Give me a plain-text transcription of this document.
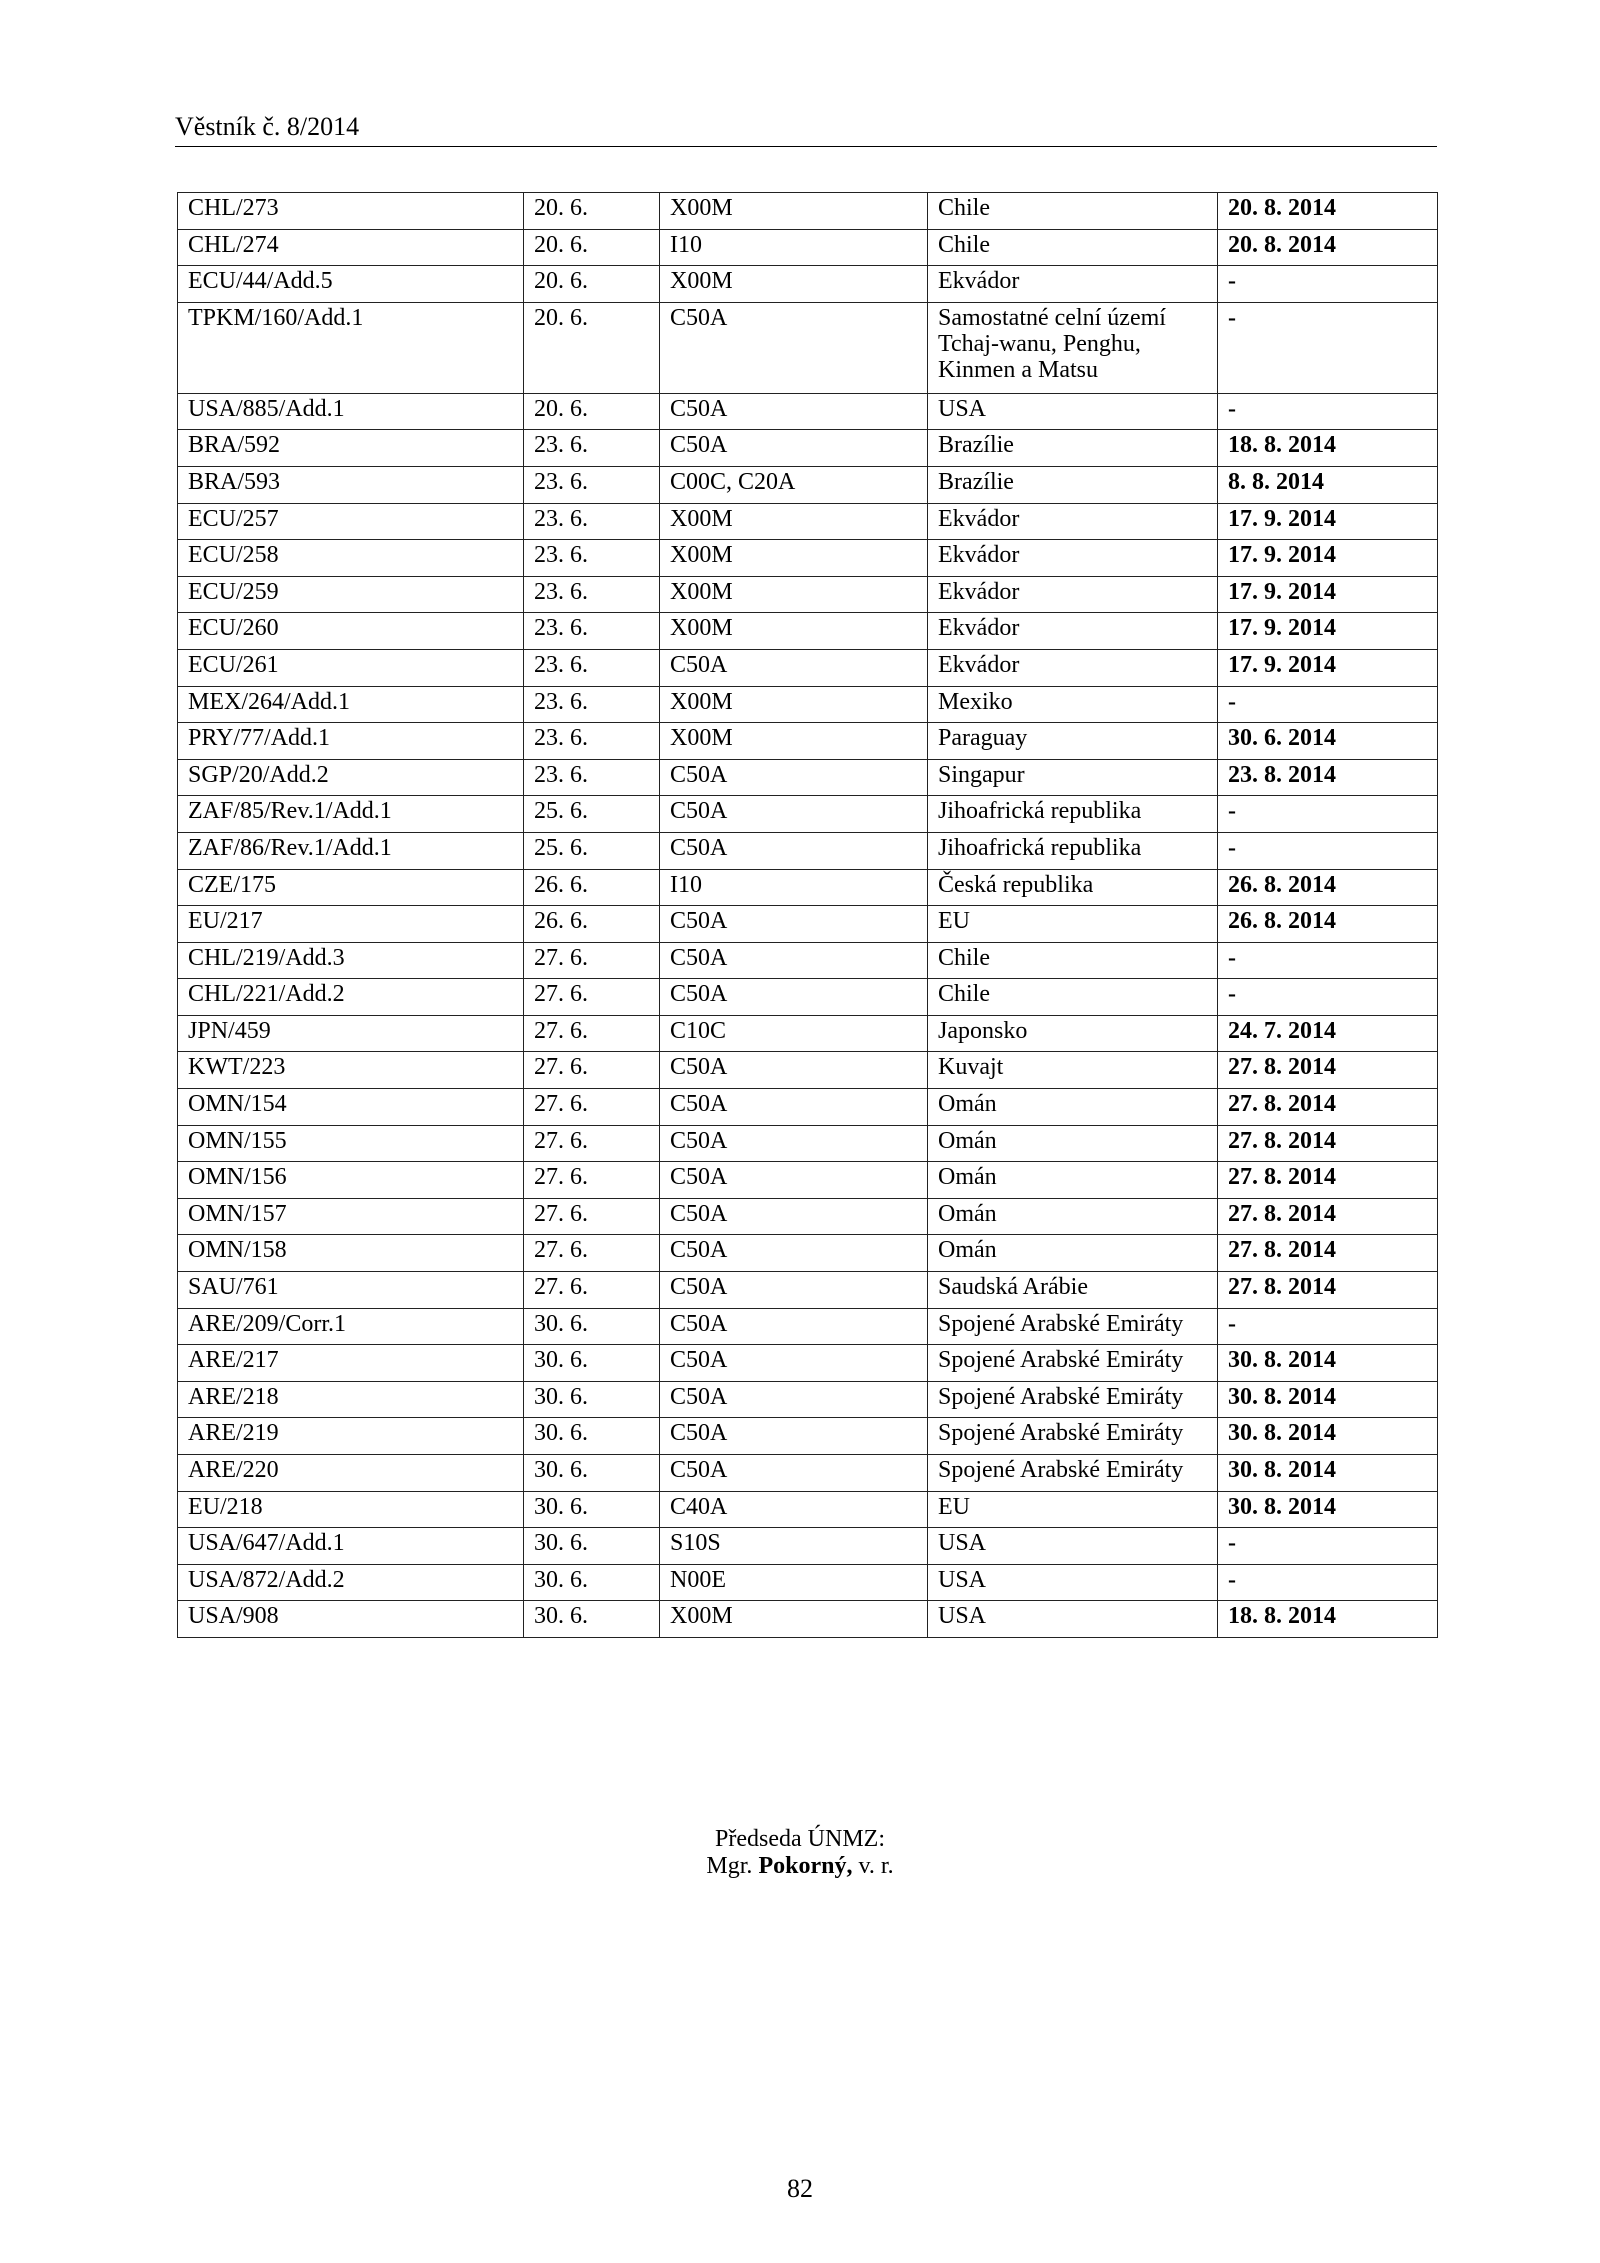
Věstník č. 8/2014
CHL/273	20. 6.	X00M	Chile	20. 8. 2014
CHL/274	20. 6.	I10	Chile	20. 8. 2014
ECU/44/Add.5	20. 6.	X00M	Ekvádor	-
TPKM/160/Add.1	20. 6.	C50A	Samostatné celní území Tchaj-wanu, Penghu, Kinmen a Matsu	-
USA/885/Add.1	20. 6.	C50A	USA	-
BRA/592	23. 6.	C50A	Brazílie	18. 8. 2014
BRA/593	23. 6.	C00C, C20A	Brazílie	8. 8. 2014
ECU/257	23. 6.	X00M	Ekvádor	17. 9. 2014
ECU/258	23. 6.	X00M	Ekvádor	17. 9. 2014
ECU/259	23. 6.	X00M	Ekvádor	17. 9. 2014
ECU/260	23. 6.	X00M	Ekvádor	17. 9. 2014
ECU/261	23. 6.	C50A	Ekvádor	17. 9. 2014
MEX/264/Add.1	23. 6.	X00M	Mexiko	-
PRY/77/Add.1	23. 6.	X00M	Paraguay	30. 6. 2014
SGP/20/Add.2	23. 6.	C50A	Singapur	23. 8. 2014
ZAF/85/Rev.1/Add.1	25. 6.	C50A	Jihoafrická republika	-
ZAF/86/Rev.1/Add.1	25. 6.	C50A	Jihoafrická republika	-
CZE/175	26. 6.	I10	Česká republika	26. 8. 2014
EU/217	26. 6.	C50A	EU	26. 8. 2014
CHL/219/Add.3	27. 6.	C50A	Chile	-
CHL/221/Add.2	27. 6.	C50A	Chile	-
JPN/459	27. 6.	C10C	Japonsko	24. 7. 2014
KWT/223	27. 6.	C50A	Kuvajt	27. 8. 2014
OMN/154	27. 6.	C50A	Omán	27. 8. 2014
OMN/155	27. 6.	C50A	Omán	27. 8. 2014
OMN/156	27. 6.	C50A	Omán	27. 8. 2014
OMN/157	27. 6.	C50A	Omán	27. 8. 2014
OMN/158	27. 6.	C50A	Omán	27. 8. 2014
SAU/761	27. 6.	C50A	Saudská Arábie	27. 8. 2014
ARE/209/Corr.1	30. 6.	C50A	Spojené Arabské Emiráty	-
ARE/217	30. 6.	C50A	Spojené Arabské Emiráty	30. 8. 2014
ARE/218	30. 6.	C50A	Spojené Arabské Emiráty	30. 8. 2014
ARE/219	30. 6.	C50A	Spojené Arabské Emiráty	30. 8. 2014
ARE/220	30. 6.	C50A	Spojené Arabské Emiráty	30. 8. 2014
EU/218	30. 6.	C40A	EU	30. 8. 2014
USA/647/Add.1	30. 6.	S10S	USA	-
USA/872/Add.2	30. 6.	N00E	USA	-
USA/908	30. 6.	X00M	USA	18. 8. 2014
Předseda ÚNMZ:
Mgr. Pokorný, v. r.
82
